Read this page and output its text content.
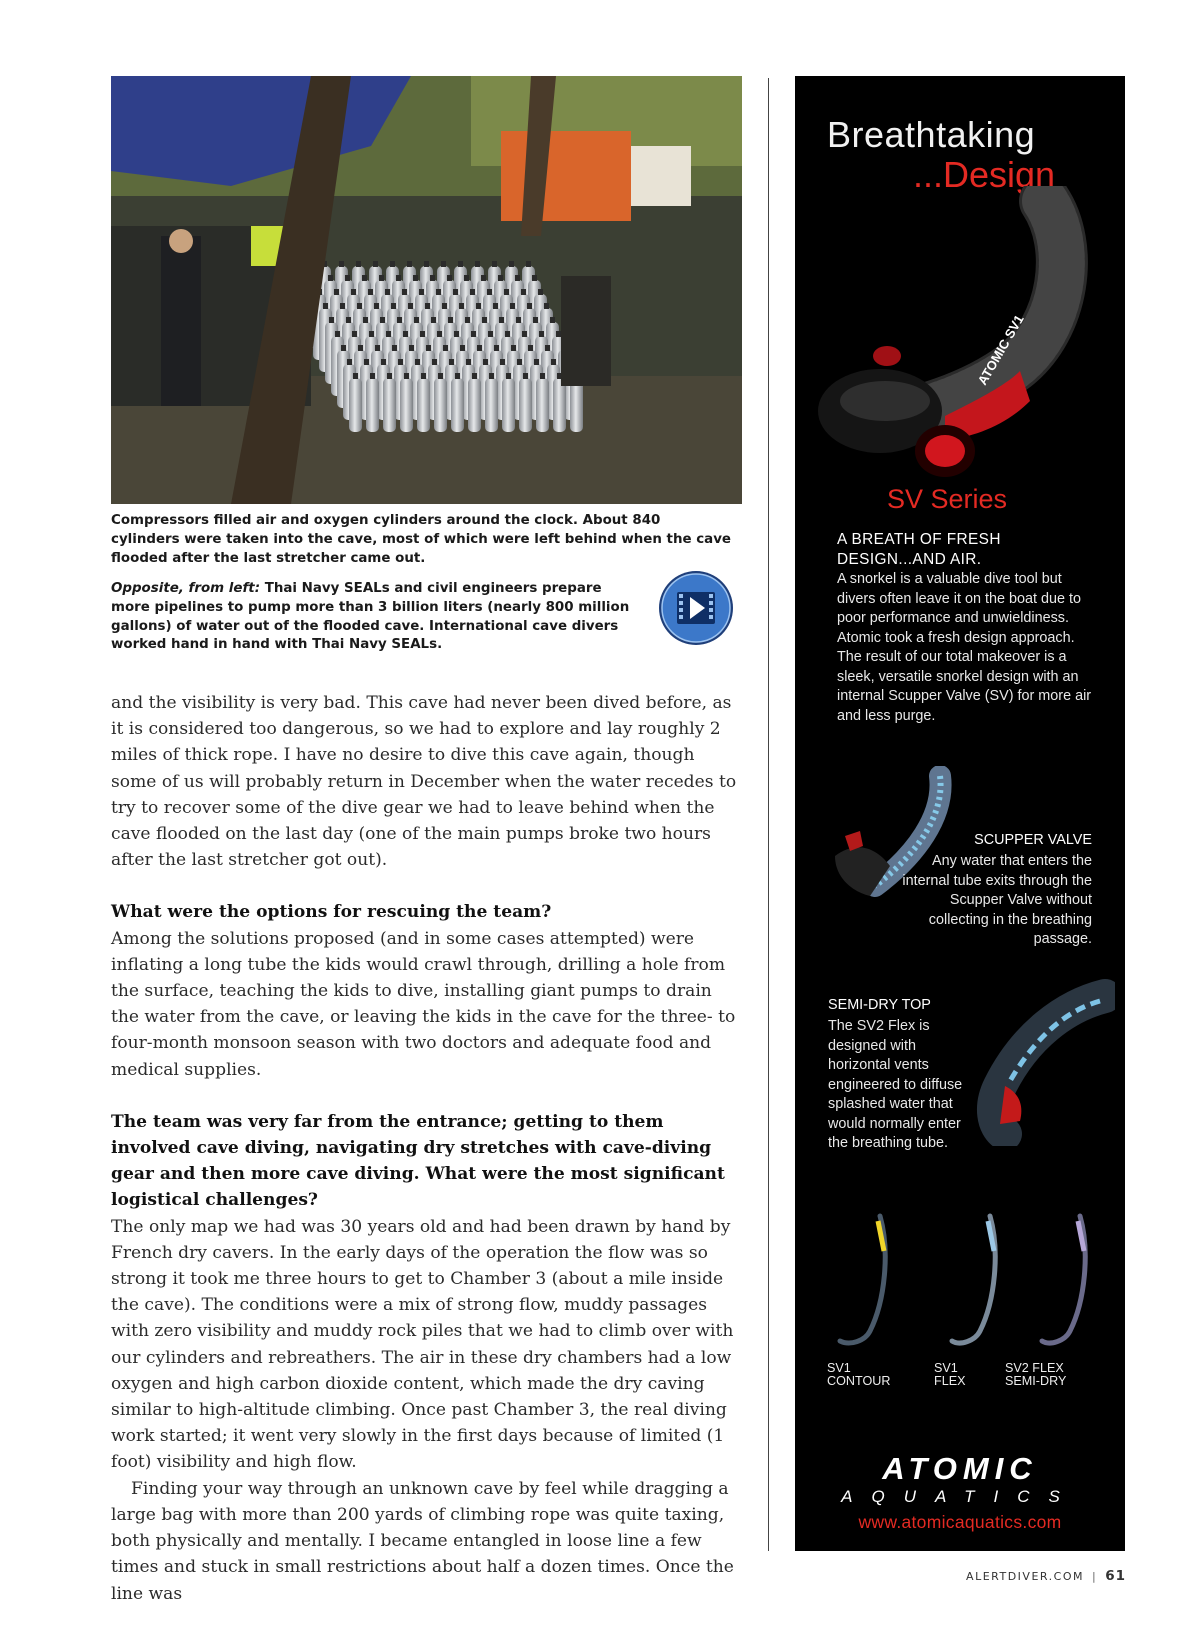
Compressors filled air and oxygen cylinders around the clock. About 840 cylinders were taken into the cave, most of which were left behind when the cave flooded after the last stretcher came out.

Opposite, from left: Thai Navy SEALs and civil engineers prepare more pipelines to pump more than 3 billion liters (nearly 800 million gallons) of water out of the flooded cave. International cave divers worked hand in hand with Thai Navy SEALs.

and the visibility is very bad. This cave had never been dived before, as it is considered too dangerous, so we had to explore and lay roughly 2 miles of thick rope. I have no desire to dive this cave again, though some of us will probably return in December when the water recedes to try to recover some of the dive gear we had to leave behind when the cave flooded on the last day (one of the main pumps broke two hours after the last stretcher got out).

What were the options for rescuing the team?

Among the solutions proposed (and in some cases attempted) were inflating a long tube the kids would crawl through, drilling a hole from the surface, teaching the kids to dive, installing giant pumps to drain the water from the cave, or leaving the kids in the cave for the three- to four-month monsoon season with two doctors and adequate food and medical supplies.

The team was very far from the entrance; getting to them involved cave diving, navigating dry stretches with cave-diving gear and then more cave diving. What were the most significant logistical challenges?

The only map we had was 30 years old and had been drawn by hand by French dry cavers. In the early days of the operation the flow was so strong it took me three hours to get to Chamber 3 (about a mile inside the cave). The conditions were a mix of strong flow, muddy passages with zero visibility and muddy rock piles that we had to climb over with our cylinders and rebreathers. The air in these dry chambers had a low oxygen and high carbon dioxide content, which made the dry caving similar to high-altitude climbing. Once past Chamber 3, the real diving work started; it went very slowly in the first days because of limited (1 foot) visibility and high flow.

Finding your way through an unknown cave by feel while dragging a large bag with more than 200 yards of climbing rope was quite taxing, both physically and mentally. I became entangled in loose line a few times and stuck in small restrictions about half a dozen times. Once the line was

Breathtaking
...Design
ATOMIC SV1
SV Series
A BREATH OF FRESH DESIGN...AND AIR.
A snorkel is a valuable dive tool but divers often leave it on the boat due to poor performance and unwieldiness. Atomic took a fresh design approach. The result of our total makeover is a sleek, versatile snorkel design with an internal Scupper Valve (SV) for more air and less purge.
SCUPPER VALVE
Any water that enters the internal tube exits through the Scupper Valve without collecting in the breathing passage.
SEMI-DRY TOP
The SV2 Flex is designed with horizontal vents engineered to diffuse splashed water that would normally enter the breathing tube.
SV1
CONTOUR
SV1
FLEX
SV2 FLEX
SEMI-DRY
ATOMIC
AQUATICS
www.atomicaquatics.com
ALERTDIVER.COM | 61
